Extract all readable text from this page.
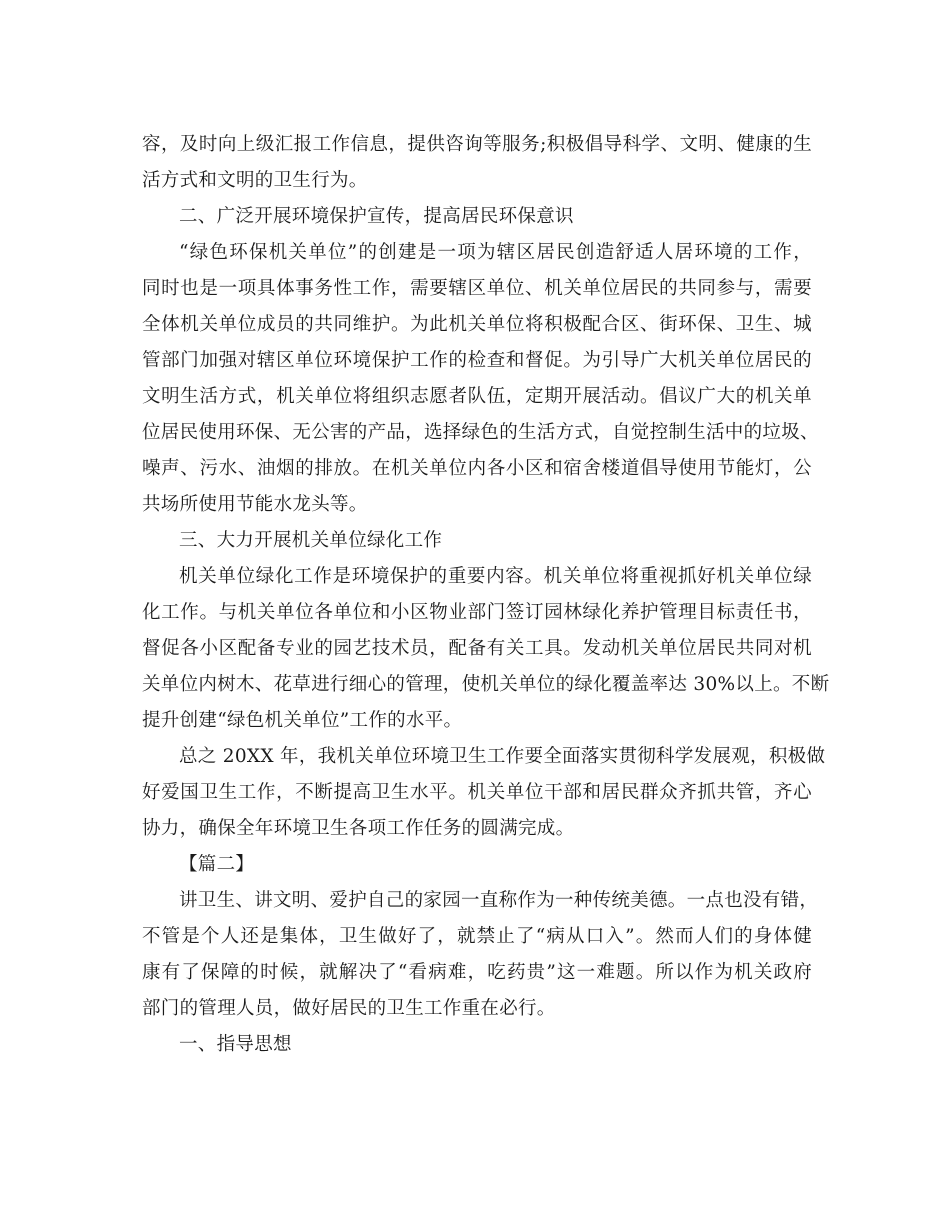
容，及时向上级汇报工作信息，提供咨询等服务;积极倡导科学、文明、健康的生
活方式和文明的卫生行为。

二、广泛开展环境保护宣传，提高居民环保意识

“绿色环保机关单位”的创建是一项为辖区居民创造舒适人居环境的工作，
同时也是一项具体事务性工作，需要辖区单位、机关单位居民的共同参与，需要
全体机关单位成员的共同维护。为此机关单位将积极配合区、街环保、卫生、城
管部门加强对辖区单位环境保护工作的检查和督促。为引导广大机关单位居民的
文明生活方式，机关单位将组织志愿者队伍，定期开展活动。倡议广大的机关单
位居民使用环保、无公害的产品，选择绿色的生活方式，自觉控制生活中的垃圾、
噪声、污水、油烟的排放。在机关单位内各小区和宿舍楼道倡导使用节能灯，公
共场所使用节能水龙头等。

三、大力开展机关单位绿化工作

机关单位绿化工作是环境保护的重要内容。机关单位将重视抓好机关单位绿
化工作。与机关单位各单位和小区物业部门签订园林绿化养护管理目标责任书，
督促各小区配备专业的园艺技术员，配备有关工具。发动机关单位居民共同对机
关单位内树木、花草进行细心的管理，使机关单位的绿化覆盖率达 30%以上。不断
提升创建“绿色机关单位”工作的水平。

总之 20XX 年，我机关单位环境卫生工作要全面落实贯彻科学发展观，积极做
好爱国卫生工作，不断提高卫生水平。机关单位干部和居民群众齐抓共管，齐心
协力，确保全年环境卫生各项工作任务的圆满完成。

【篇二】

讲卫生、讲文明、爱护自己的家园一直称作为一种传统美德。一点也没有错，
不管是个人还是集体，卫生做好了，就禁止了“病从口入”。然而人们的身体健
康有了保障的时候，就解决了“看病难，吃药贵”这一难题。所以作为机关政府
部门的管理人员，做好居民的卫生工作重在必行。

一、指导思想
